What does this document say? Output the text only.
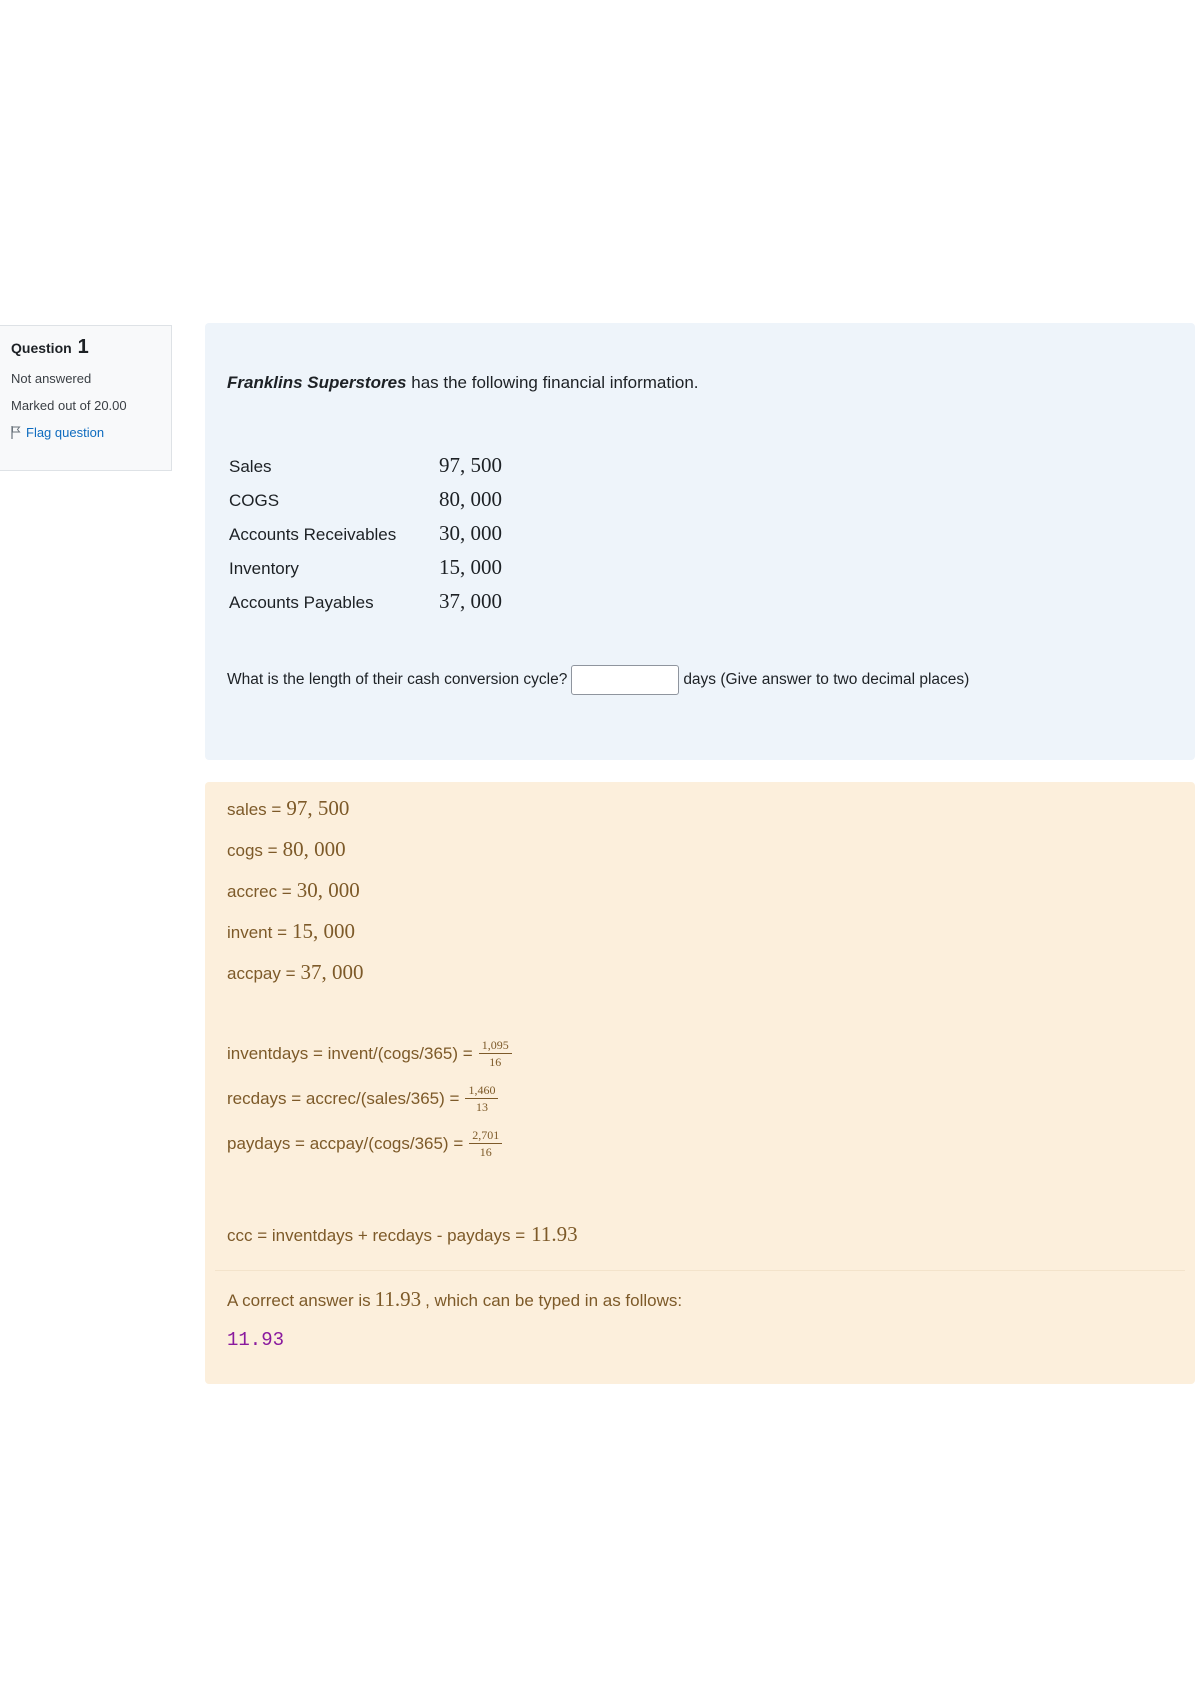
Question 1
Not answered
Marked out of 20.00
Flag question
Franklins Superstores has the following financial information.
Sales	97, 500
COGS	80, 000
Accounts Receivables	30, 000
Inventory	15, 000
Accounts Payables	37, 000
What is the length of their cash conversion cycle?	days (Give answer to two decimal places)
sales = 97, 500
cogs = 80, 000
accrec = 30, 000
invent = 15, 000
accpay = 37, 000
inventdays = invent/(cogs/365) = $\frac{1,095}{16}$
recdays = accrec/(sales/365) = $\frac{1,460}{13}$
paydays = accpay/(cogs/365) = $\frac{2,701}{16}$
ccc = inventdays + recdays - paydays = 11.93
A correct answer is 11.93 , which can be typed in as follows:
11.93
